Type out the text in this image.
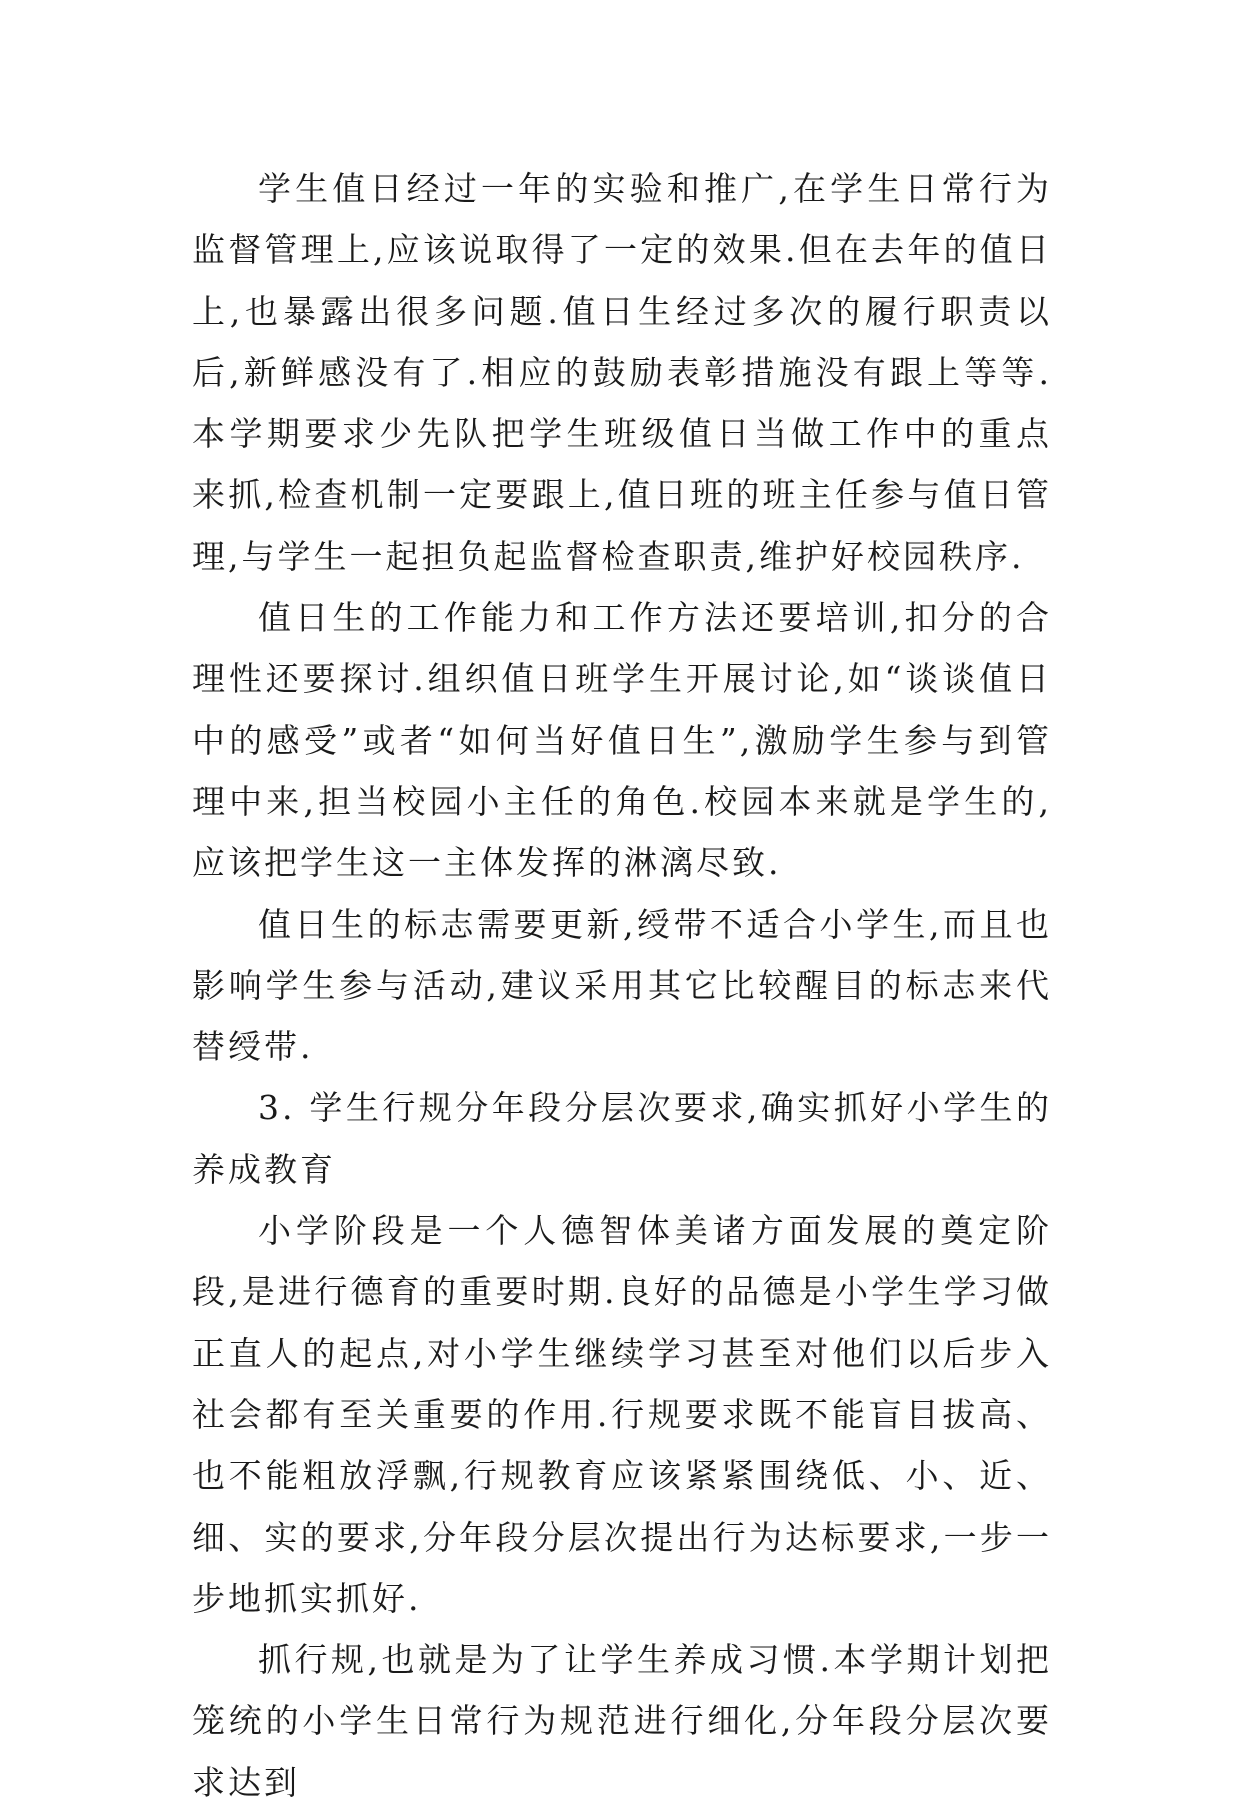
学生值日经过一年的实验和推广,在学生日常行为监督管理上,应该说取得了一定的效果.但在去年的值日上,也暴露出很多问题.值日生经过多次的履行职责以后,新鲜感没有了.相应的鼓励表彰措施没有跟上等等.本学期要求少先队把学生班级值日当做工作中的重点来抓,检查机制一定要跟上,值日班的班主任参与值日管理,与学生一起担负起监督检查职责,维护好校园秩序.

值日生的工作能力和工作方法还要培训,扣分的合理性还要探讨.组织值日班学生开展讨论,如“谈谈值日中的感受”或者“如何当好值日生”,激励学生参与到管理中来,担当校园小主任的角色.校园本来就是学生的,应该把学生这一主体发挥的淋漓尽致.

值日生的标志需要更新,绶带不适合小学生,而且也影响学生参与活动,建议采用其它比较醒目的标志来代替绶带.

3. 学生行规分年段分层次要求,确实抓好小学生的养成教育

小学阶段是一个人德智体美诸方面发展的奠定阶段,是进行德育的重要时期.良好的品德是小学生学习做正直人的起点,对小学生继续学习甚至对他们以后步入社会都有至关重要的作用.行规要求既不能盲目拔高、也不能粗放浮飘,行规教育应该紧紧围绕低、小、近、细、实的要求,分年段分层次提出行为达标要求,一步一步地抓实抓好.

抓行规,也就是为了让学生养成习惯.本学期计划把笼统的小学生日常行为规范进行细化,分年段分层次要求达到
